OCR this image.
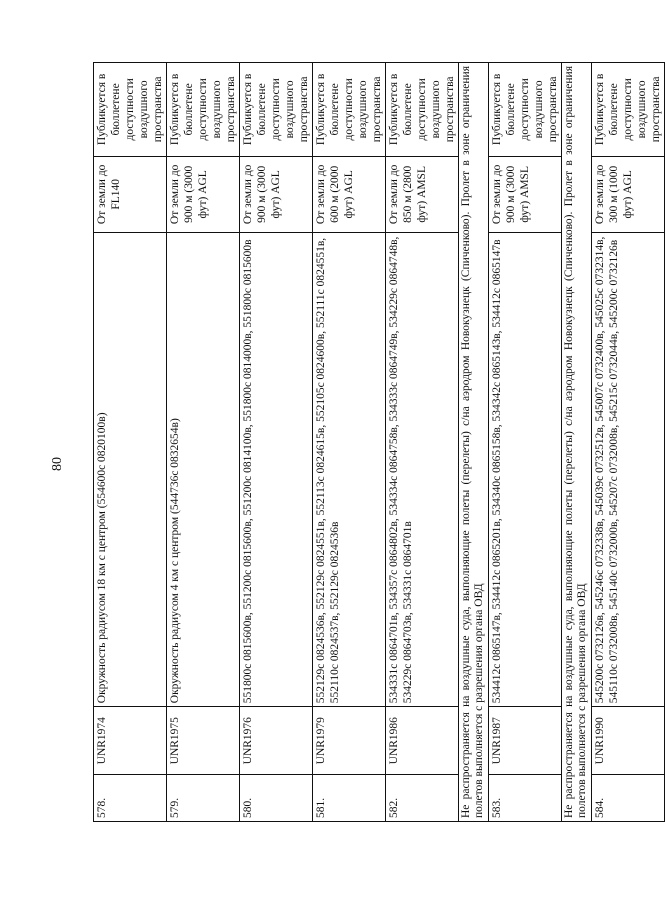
80
578.	UNR1974	Окружность радиусом 18 км с центром (554600с 0820100в)	От земли до FL140	Публикуется в бюллетене доступности воздушного пространства
579.	UNR1975	Окружность радиусом 4 км с центром (544736с 0832654в)	От земли до 900 м (3000 фут) AGL	Публикуется в бюллетене доступности воздушного пространства
580.	UNR1976	551800с 0815600в, 551200с 0815600в, 551200с 0814100в, 551800с 0814000в, 551800с 0815600в	От земли до 900 м (3000 фут) AGL	Публикуется в бюллетене доступности воздушного пространства
581.	UNR1979	552129с 0824536в, 552129с 0824551в, 552113с 0824615в, 552105с 0824600в, 552111с 0824551в, 552110с 0824537в, 552129с 0824536в	От земли до 600 м (2000 фут) AGL	Публикуется в бюллетене доступности воздушного пространства
582.	UNR1986	534331с 0864701в, 534357с 0864802в, 534334с 0864758в, 534333с 0864749в, 534229с 0864748в, 534229с 0864703в, 534331с 0864701в	От земли до 850 м (2800 фут) AMSL	Публикуется в бюллетене доступности воздушного пространства
Не распространяется на воздушные суда, выполняющие полеты (перелеты) с/на аэродром Новокузнецк (Спиченково). Пролет в зоне ограничения полетов выполняется с разрешения органа ОВД				
583.	UNR1987	534412с 0865147в, 534412с 0865201в, 534340с 0865158в, 534342с 0865143в, 534412с 0865147в	От земли до 900 м (3000 фут) AMSL	Публикуется в бюллетене доступности воздушного пространства
Не распространяется на воздушные суда, выполняющие полеты (перелеты) с/на аэродром Новокузнецк (Спиченково). Пролет в зоне ограничения полетов выполняется с разрешения органа ОВД				
584.	UNR1990	545200с 0732126в, 545246с 0732338в, 545039с 0732512в, 545007с 0732400в, 545025с 0732314в, 545110с 0732008в, 545140с 0732000в, 545207с 0732008в, 545215с 0732044в, 545200с 0732126в	От земли до 300 м (1000 фут) AGL	Публикуется в бюллетене доступности воздушного пространства
